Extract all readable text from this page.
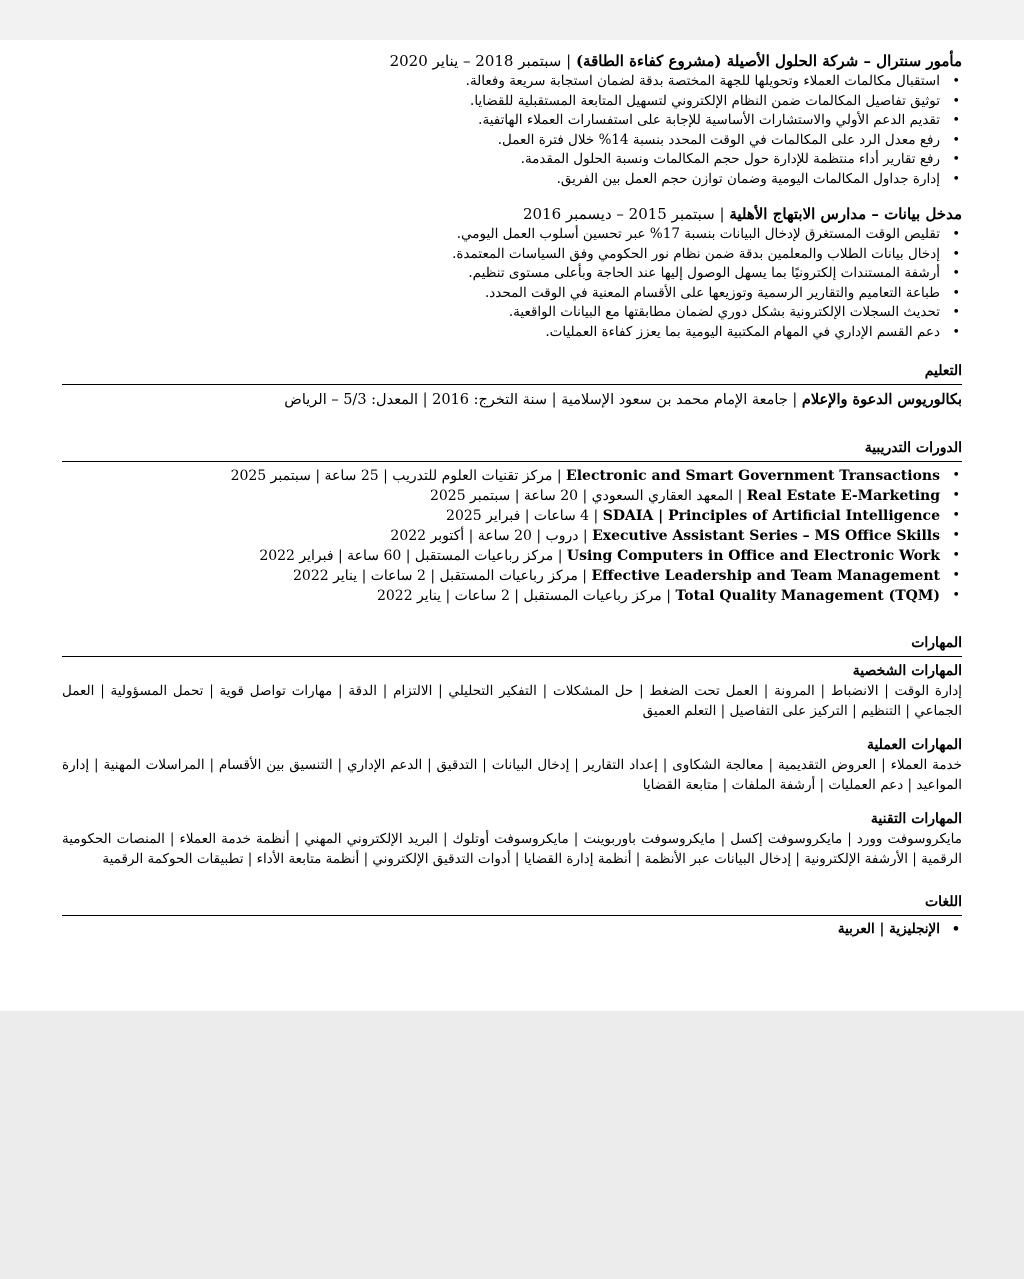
مأمور سنترال – شركة الحلول الأصيلة (مشروع كفاءة الطاقة) | سبتمبر 2018 – يناير 2020
• استقبال مكالمات العملاء وتحويلها للجهة المختصة بدقة لضمان استجابة سريعة وفعالة.
• توثيق تفاصيل المكالمات ضمن النظام الإلكتروني لتسهيل المتابعة المستقبلية للقضايا.
• تقديم الدعم الأولي والاستشارات الأساسية للإجابة على استفسارات العملاء الهاتفية.
• رفع معدل الرد على المكالمات في الوقت المحدد بنسبة 14% خلال فترة العمل.
• رفع تقارير أداء منتظمة للإدارة حول حجم المكالمات ونسبة الحلول المقدمة.
• إدارة جداول المكالمات اليومية وضمان توازن حجم العمل بين الفريق.
مدخل بيانات – مدارس الابتهاج الأهلية | سبتمبر 2015 – ديسمبر 2016
• تقليص الوقت المستغرق لإدخال البيانات بنسبة 17% عبر تحسين أسلوب العمل اليومي.
• إدخال بيانات الطلاب والمعلمين بدقة ضمن نظام نور الحكومي وفق السياسات المعتمدة.
• أرشفة المستندات إلكترونيًا بما يسهل الوصول إليها عند الحاجة وبأعلى مستوى تنظيم.
• طباعة التعاميم والتقارير الرسمية وتوزيعها على الأقسام المعنية في الوقت المحدد.
• تحديث السجلات الإلكترونية بشكل دوري لضمان مطابقتها مع البيانات الواقعية.
• دعم القسم الإداري في المهام المكتبية اليومية بما يعزز كفاءة العمليات.
التعليم
بكالوريوس الدعوة والإعلام | جامعة الإمام محمد بن سعود الإسلامية | سنة التخرج: 2016 | المعدل: 5/3 – الرياض
الدورات التدريبية
• Electronic and Smart Government Transactions | مركز تقنيات العلوم للتدريب | 25 ساعة | سبتمبر 2025
• Real Estate E-Marketing | المعهد العقاري السعودي | 20 ساعة | سبتمبر 2025
• SDAIA | Principles of Artificial Intelligence | 4 ساعات | فبراير 2025
• Executive Assistant Series – MS Office Skills | دروب | 20 ساعة | أكتوبر 2022
• Using Computers in Office and Electronic Work | مركز رباعيات المستقبل | 60 ساعة | فبراير 2022
• Effective Leadership and Team Management | مركز رباعيات المستقبل | 2 ساعات | يناير 2022
• Total Quality Management (TQM) | مركز رباعيات المستقبل | 2 ساعات | يناير 2022
المهارات
المهارات الشخصية
إدارة الوقت | الانضباط | المرونة | العمل تحت الضغط | حل المشكلات | التفكير التحليلي | الالتزام | الدقة | مهارات تواصل قوية | تحمل المسؤولية | العمل الجماعي | التنظيم | التركيز على التفاصيل | التعلم العميق
المهارات العملية
خدمة العملاء | العروض التقديمية | معالجة الشكاوى | إعداد التقارير | إدخال البيانات | التدقيق | الدعم الإداري | التنسيق بين الأقسام | المراسلات المهنية | إدارة المواعيد | دعم العمليات | أرشفة الملفات | متابعة القضايا
المهارات التقنية
مايكروسوفت وورد | مايكروسوفت إكسل | مايكروسوفت باوربوينت | مايكروسوفت أوتلوك | البريد الإلكتروني المهني | أنظمة خدمة العملاء | المنصات الحكومية الرقمية | الأرشفة الإلكترونية | إدخال البيانات عبر الأنظمة | أنظمة إدارة القضايا | أدوات التدقيق الإلكتروني | أنظمة متابعة الأداء | تطبيقات الحوكمة الرقمية
اللغات
• الإنجليزية | العربية
